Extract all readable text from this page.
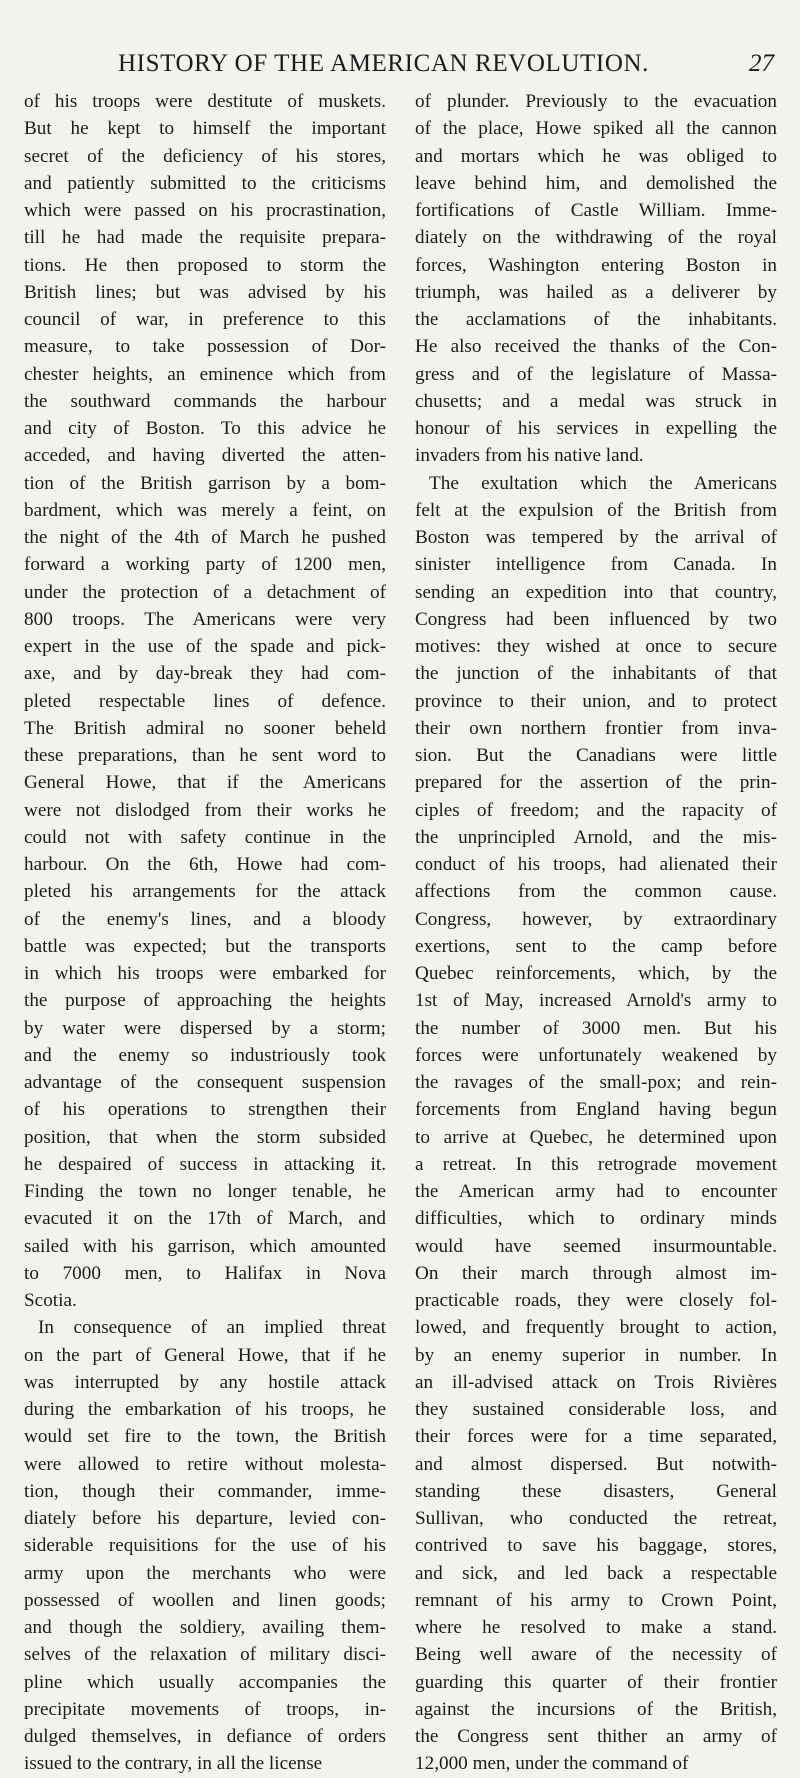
HISTORY OF THE AMERICAN REVOLUTION.	27
of his troops were destitute of muskets.
But he kept to himself the important
secret of the deficiency of his stores,
and patiently submitted to the criticisms
which were passed on his procrastination,
till he had made the requisite prepara-
tions. He then proposed to storm the
British lines; but was advised by his
council of war, in preference to this
measure, to take possession of Dor-
chester heights, an eminence which from
the southward commands the harbour
and city of Boston. To this advice he
acceded, and having diverted the atten-
tion of the British garrison by a bom-
bardment, which was merely a feint, on
the night of the 4th of March he pushed
forward a working party of 1200 men,
under the protection of a detachment of
800 troops. The Americans were very
expert in the use of the spade and pick-
axe, and by day-break they had com-
pleted respectable lines of defence.
The British admiral no sooner beheld
these preparations, than he sent word to
General Howe, that if the Americans
were not dislodged from their works he
could not with safety continue in the
harbour. On the 6th, Howe had com-
pleted his arrangements for the attack
of the enemy's lines, and a bloody
battle was expected; but the transports
in which his troops were embarked for
the purpose of approaching the heights
by water were dispersed by a storm;
and the enemy so industriously took
advantage of the consequent suspension
of his operations to strengthen their
position, that when the storm subsided
he despaired of success in attacking it.
Finding the town no longer tenable, he
evacuted it on the 17th of March, and
sailed with his garrison, which amounted
to 7000 men, to Halifax in Nova
Scotia.
In consequence of an implied threat
on the part of General Howe, that if he
was interrupted by any hostile attack
during the embarkation of his troops, he
would set fire to the town, the British
were allowed to retire without molesta-
tion, though their commander, imme-
diately before his departure, levied con-
siderable requisitions for the use of his
army upon the merchants who were
possessed of woollen and linen goods;
and though the soldiery, availing them-
selves of the relaxation of military disci-
pline which usually accompanies the
precipitate movements of troops, in-
dulged themselves, in defiance of orders
issued to the contrary, in all the license
of plunder. Previously to the evacuation
of the place, Howe spiked all the cannon
and mortars which he was obliged to
leave behind him, and demolished the
fortifications of Castle William. Imme-
diately on the withdrawing of the royal
forces, Washington entering Boston in
triumph, was hailed as a deliverer by
the acclamations of the inhabitants.
He also received the thanks of the Con-
gress and of the legislature of Massa-
chusetts; and a medal was struck in
honour of his services in expelling the
invaders from his native land.
The exultation which the Americans
felt at the expulsion of the British from
Boston was tempered by the arrival of
sinister intelligence from Canada. In
sending an expedition into that country,
Congress had been influenced by two
motives: they wished at once to secure
the junction of the inhabitants of that
province to their union, and to protect
their own northern frontier from inva-
sion. But the Canadians were little
prepared for the assertion of the prin-
ciples of freedom; and the rapacity of
the unprincipled Arnold, and the mis-
conduct of his troops, had alienated their
affections from the common cause.
Congress, however, by extraordinary
exertions, sent to the camp before
Quebec reinforcements, which, by the
1st of May, increased Arnold's army to
the number of 3000 men. But his
forces were unfortunately weakened by
the ravages of the small-pox; and rein-
forcements from England having begun
to arrive at Quebec, he determined upon
a retreat. In this retrograde movement
the American army had to encounter
difficulties, which to ordinary minds
would have seemed insurmountable.
On their march through almost im-
practicable roads, they were closely fol-
lowed, and frequently brought to action,
by an enemy superior in number. In
an ill-advised attack on Trois Rivières
they sustained considerable loss, and
their forces were for a time separated,
and almost dispersed. But notwith-
standing these disasters, General
Sullivan, who conducted the retreat,
contrived to save his baggage, stores,
and sick, and led back a respectable
remnant of his army to Crown Point,
where he resolved to make a stand.
Being well aware of the necessity of
guarding this quarter of their frontier
against the incursions of the British,
the Congress sent thither an army of
12,000 men, under the command of
